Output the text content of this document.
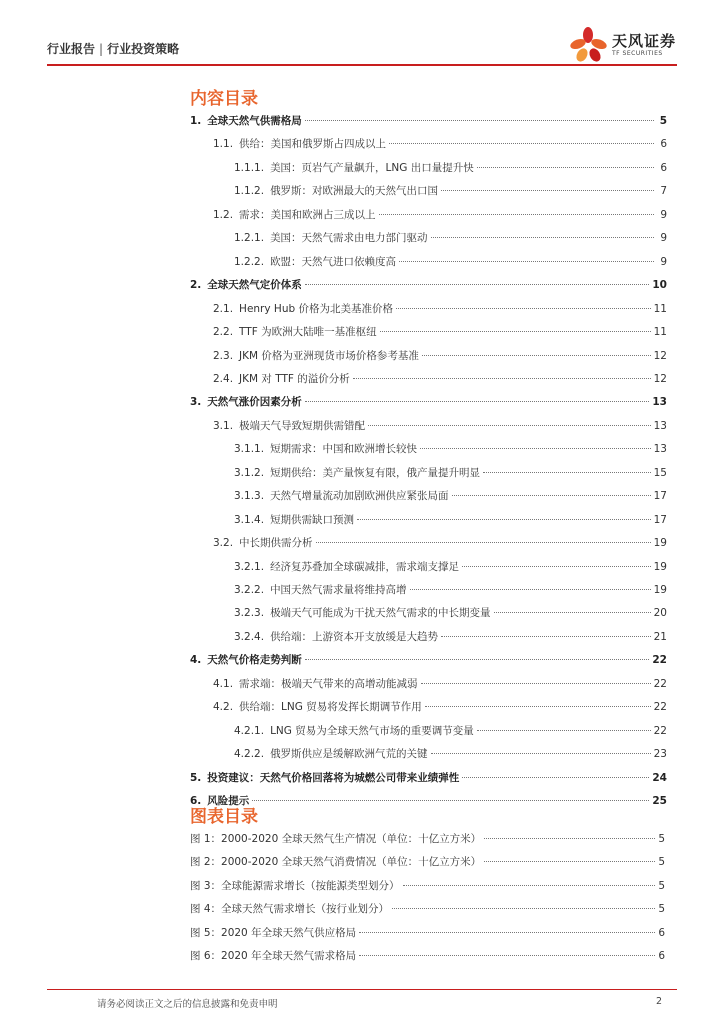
行业报告 | 行业投资策略	天风证券
TF SECURITIES
内容目录
1. 全球天然气供需格局	5
1.1. 供给：美国和俄罗斯占四成以上	6
1.1.1. 美国：页岩气产量飙升，LNG 出口量提升快	6
1.1.2. 俄罗斯：对欧洲最大的天然气出口国	7
1.2. 需求：美国和欧洲占三成以上	9
1.2.1. 美国：天然气需求由电力部门驱动	9
1.2.2. 欧盟：天然气进口依赖度高	9
2. 全球天然气定价体系	10
2.1. Henry Hub 价格为北美基准价格	11
2.2. TTF 为欧洲大陆唯一基准枢纽	11
2.3. JKM 价格为亚洲现货市场价格参考基准	12
2.4. JKM 对 TTF 的溢价分析	12
3. 天然气涨价因素分析	13
3.1. 极端天气导致短期供需错配	13
3.1.1. 短期需求：中国和欧洲增长较快	13
3.1.2. 短期供给：美产量恢复有限，俄产量提升明显	15
3.1.3. 天然气增量流动加剧欧洲供应紧张局面	17
3.1.4. 短期供需缺口预测	17
3.2. 中长期供需分析	19
3.2.1. 经济复苏叠加全球碳减排，需求端支撑足	19
3.2.2. 中国天然气需求量将维持高增	19
3.2.3. 极端天气可能成为干扰天然气需求的中长期变量	20
3.2.4. 供给端：上游资本开支放缓是大趋势	21
4. 天然气价格走势判断	22
4.1. 需求端：极端天气带来的高增动能减弱	22
4.2. 供给端：LNG 贸易将发挥长期调节作用	22
4.2.1. LNG 贸易为全球天然气市场的重要调节变量	22
4.2.2. 俄罗斯供应是缓解欧洲气荒的关键	23
5. 投资建议：天然气价格回落将为城燃公司带来业绩弹性	24
6. 风险提示	25
图表目录
图 1：2000-2020 全球天然气生产情况（单位：十亿立方米）	5
图 2：2000-2020 全球天然气消费情况（单位：十亿立方米）	5
图 3：全球能源需求增长（按能源类型划分）	5
图 4：全球天然气需求增长（按行业划分）	5
图 5：2020 年全球天然气供应格局	6
图 6：2020 年全球天然气需求格局	6
请务必阅读正文之后的信息披露和免责申明	2
